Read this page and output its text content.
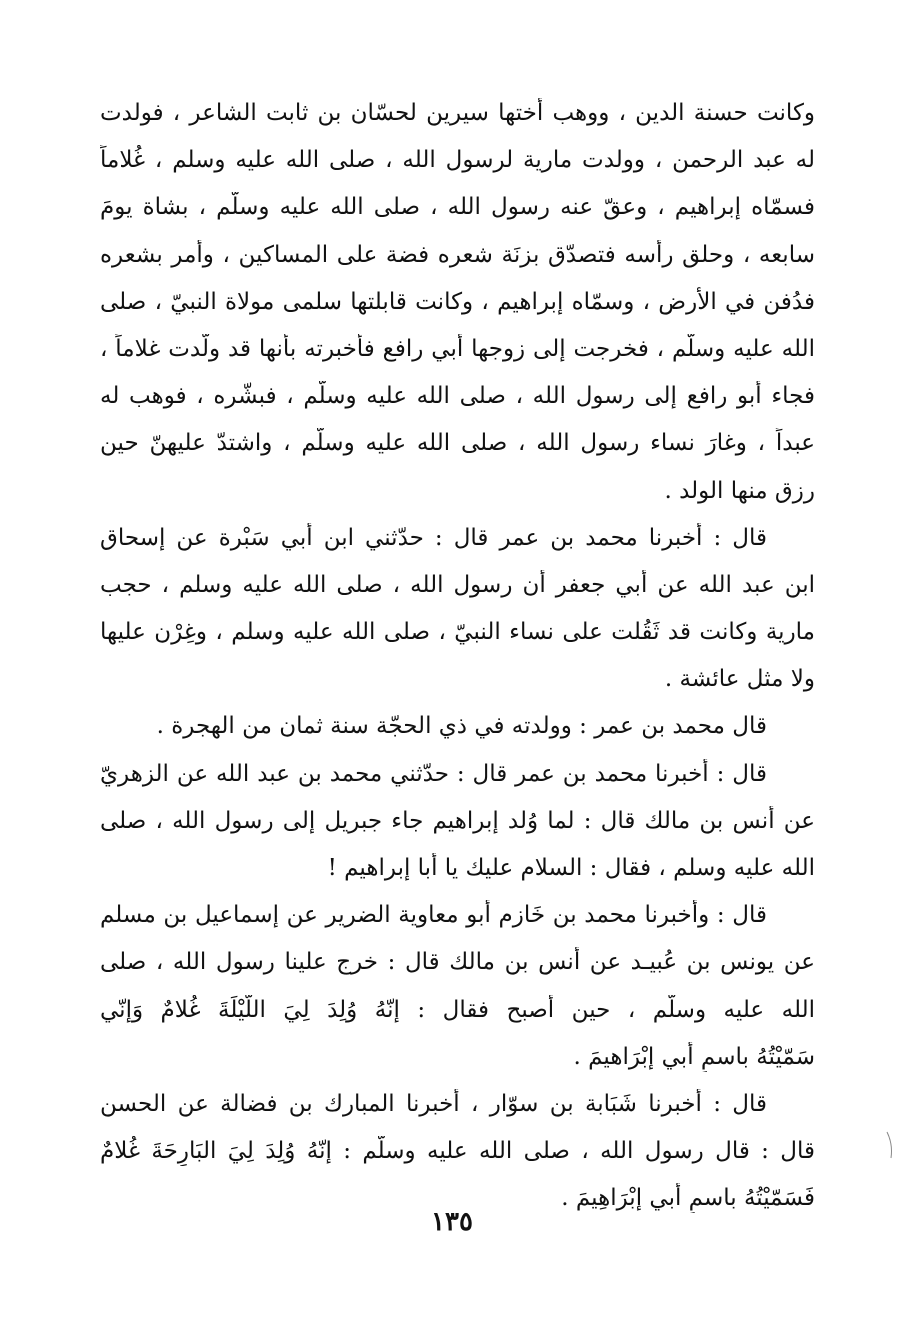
وكانت حسنة الدين ، ووهب أختها سيرين لحسّان بن ثابت الشاعر ، فولدت
له عبد الرحمن ، وولدت مارية لرسول الله ، صلى الله عليه وسلم ، غُلاماً
فسمّاه إبراهيم ، وعقّ عنه رسول الله ، صلى الله عليه وسلّم ، بشاة يومَ
سابعه ، وحلق رأسه فتصدّق بزنَة شعره فضة على المساكين ، وأمر بشعره
فدُفن في الأرض ، وسمّاه إبراهيم ، وكانت قابلتها سلمى مولاة النبيّ ، صلى
الله عليه وسلّم ، فخرجت إلى زوجها أبي رافع فأخبرته بأنها قد ولّدت غلاماً ،
فجاء أبو رافع إلى رسول الله ، صلى الله عليه وسلّم ، فبشّره ، فوهب له
عبداً ، وغارَ نساء رسول الله ، صلى الله عليه وسلّم ، واشتدّ عليهنّ حين
رزق منها الولد .
قال : أخبرنا محمد بن عمر قال : حدّثني ابن أبي سَبْرة عن إسحاق
ابن عبد الله عن أبي جعفر أن رسول الله ، صلى الله عليه وسلم ، حجب
مارية وكانت قد ثَقُلت على نساء النبيّ ، صلى الله عليه وسلم ، وغِرْن عليها
ولا مثل عائشة .
قال محمد بن عمر : وولدته في ذي الحجّة سنة ثمان من الهجرة .
قال : أخبرنا محمد بن عمر قال : حدّثني محمد بن عبد الله عن الزهريّ
عن أنس بن مالك قال : لما وُلد إبراهيم جاء جبريل إلى رسول الله ، صلى
الله عليه وسلم ، فقال : السلام عليك يا أبا إبراهيم !
قال : وأخبرنا محمد بن خَازم أبو معاوية الضرير عن إسماعيل بن مسلم
عن يونس بن عُبيـد عن أنس بن مالك قال : خرج علينا رسول الله ، صلى
الله عليه وسلّم ، حين أصبح فقال : إنّهُ وُلِدَ لِيَ اللّيْلَةَ غُلامٌ وَإنّي
سَمّيْتُهُ باسمِ أبي إبْرَاهيمَ .
قال : أخبرنا شَبَابة بن سوّار ، أخبرنا المبارك بن فضالة عن الحسن
قال : قال رسول الله ، صلى الله عليه وسلّم : إنّهُ وُلِدَ لِيَ البَارِحَةَ غُلامٌ
فَسَمّيْتُهُ باسمِ أبي إبْرَاهِيمَ .
١٣٥
